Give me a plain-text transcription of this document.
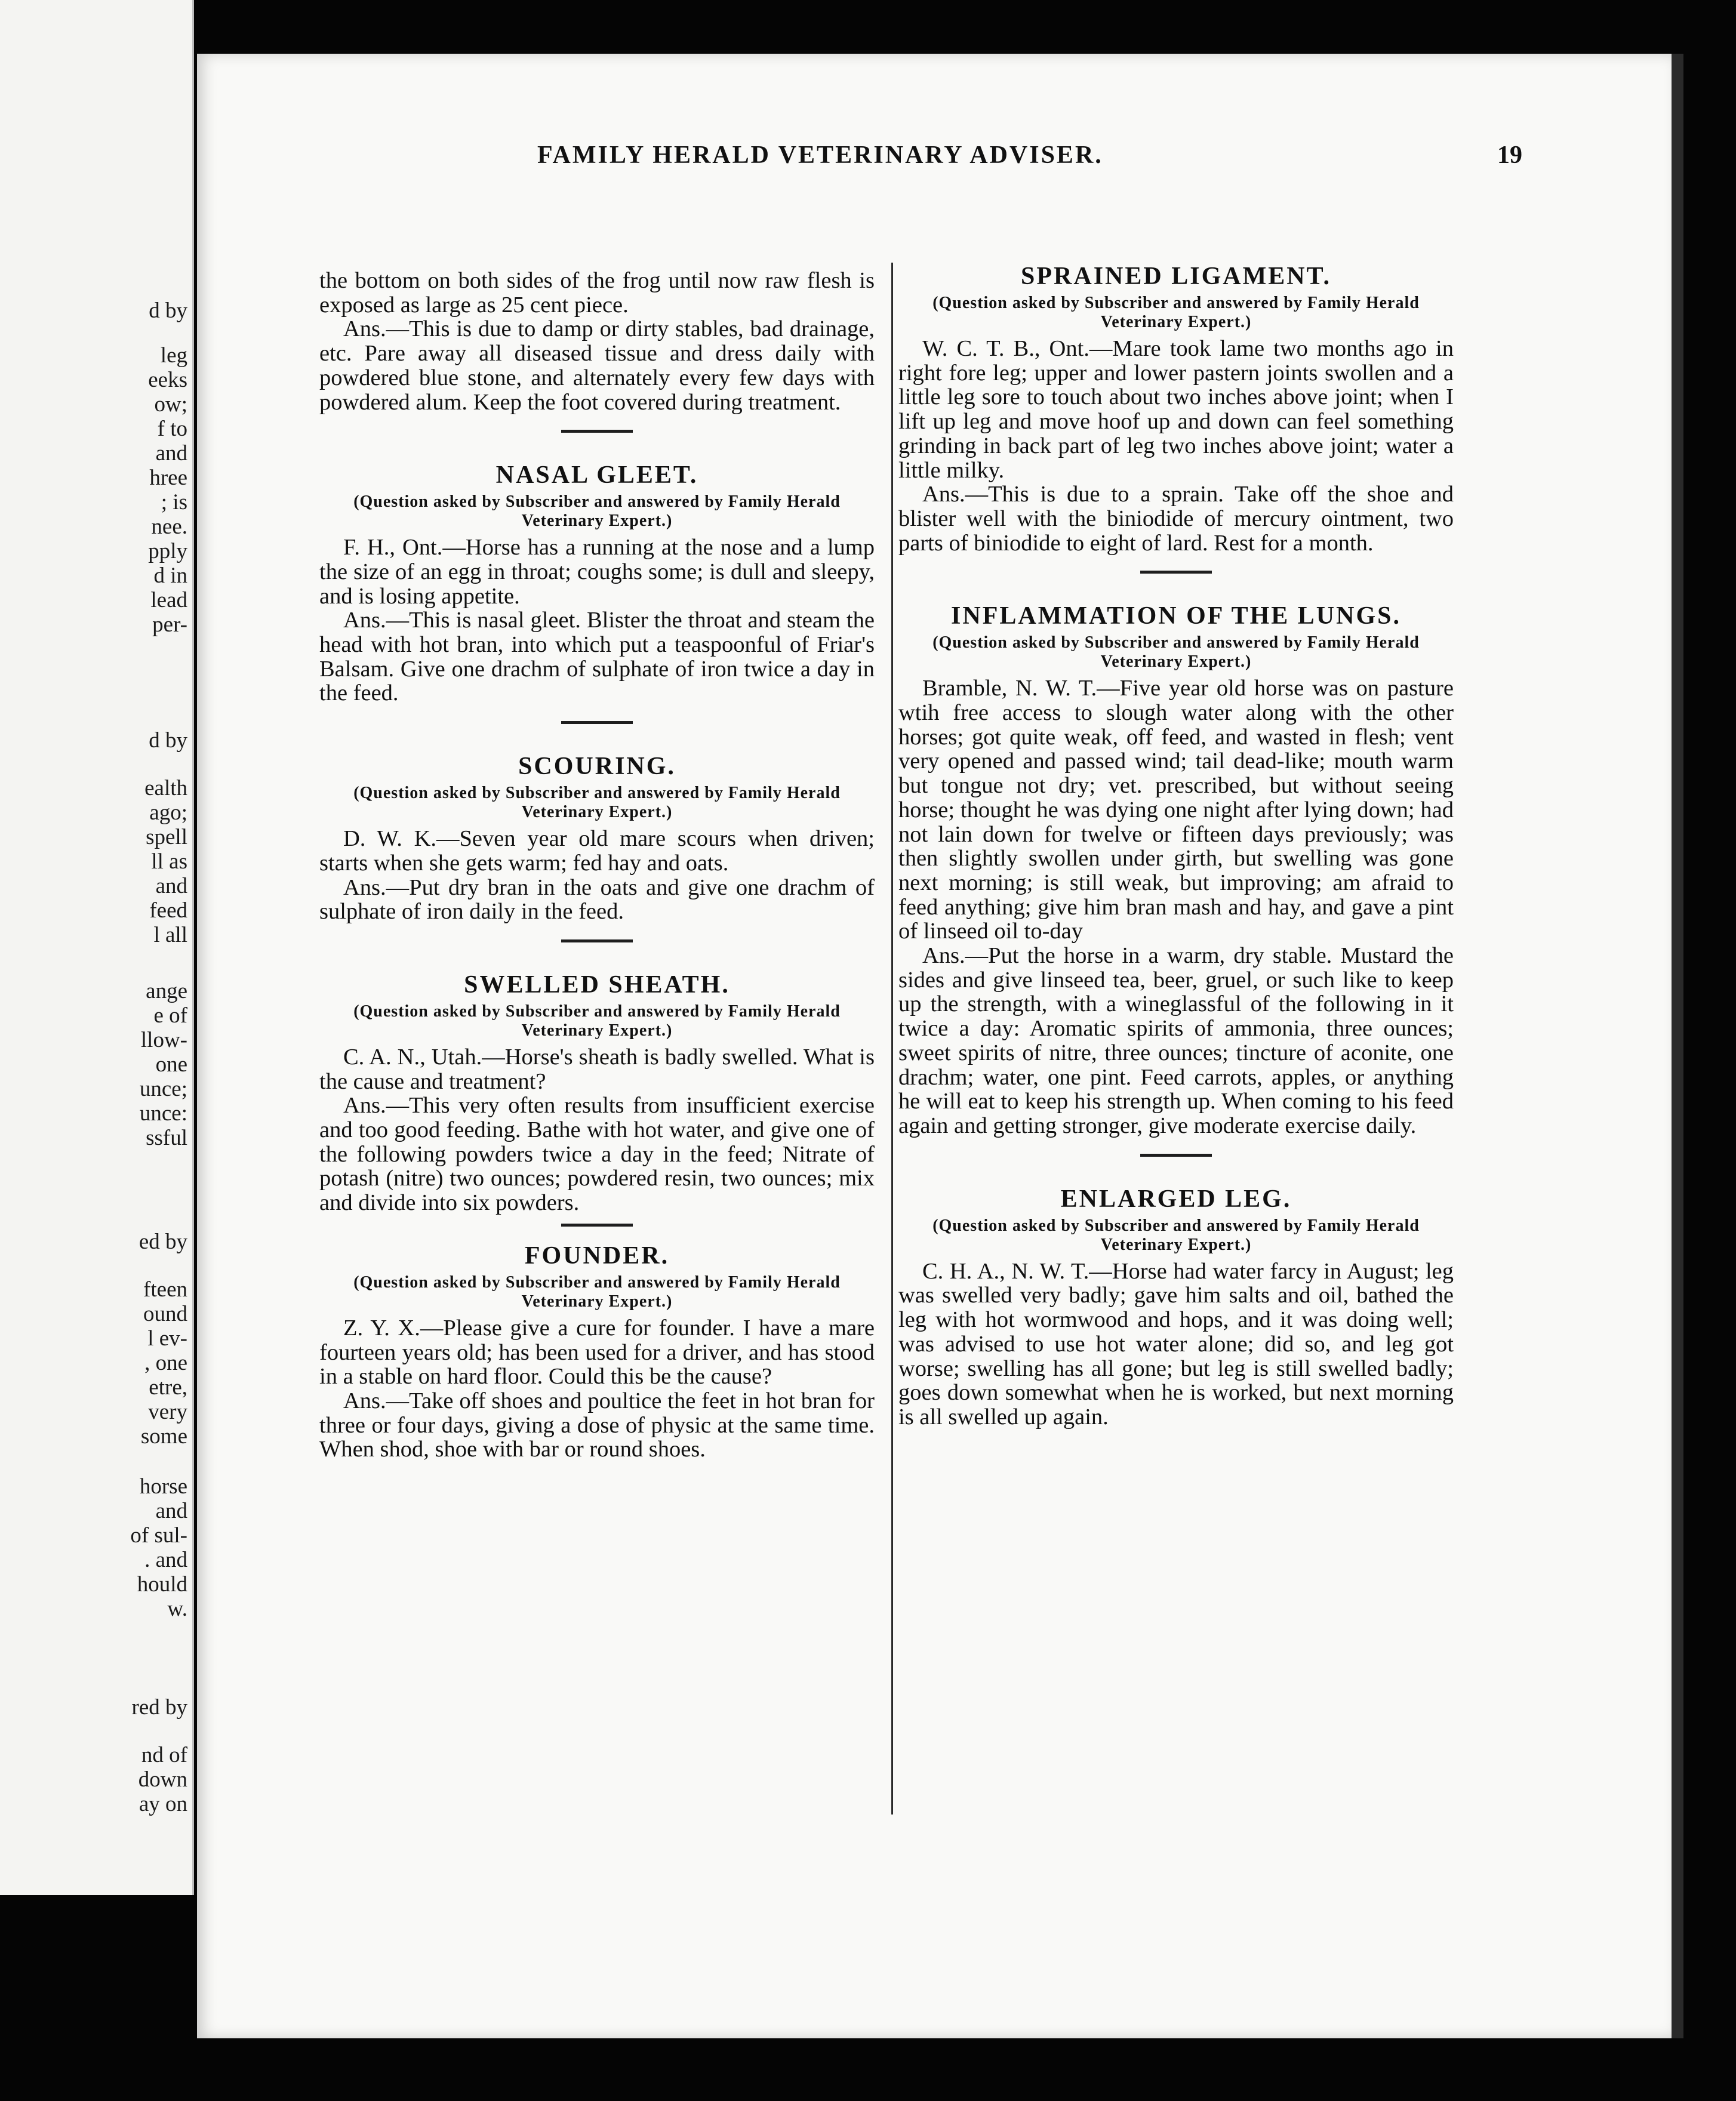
d by
leg
eeks
ow;
f to
and
hree
; is
nee.
pply
d in
lead
per-
d by
ealth
ago;
spell
ll as
and
feed
l all
ange
e of
llow-
one
unce;
unce:
ssful
ed by
fteen
ound
l ev-
, one
etre,
very
some
horse
and
of sul-
. and
hould
w.
red by
nd of
down
ay on
FAMILY HERALD VETERINARY ADVISER.	19

the bottom on both sides of the frog until now raw flesh is exposed as large as 25 cent piece.

Ans.—This is due to damp or dirty stables, bad drainage, etc. Pare away all diseased tissue and dress daily with powdered blue stone, and alternately every few days with powdered alum. Keep the foot covered during treatment.

NASAL GLEET.
(Question asked by Subscriber and answered by Family Herald Veterinary Expert.)

F. H., Ont.—Horse has a running at the nose and a lump the size of an egg in throat; coughs some; is dull and sleepy, and is losing appetite.

Ans.—This is nasal gleet. Blister the throat and steam the head with hot bran, into which put a teaspoonful of Friar's Balsam. Give one drachm of sulphate of iron twice a day in the feed.

SCOURING.
(Question asked by Subscriber and answered by Family Herald Veterinary Expert.)

D. W. K.—Seven year old mare scours when driven; starts when she gets warm; fed hay and oats.

Ans.—Put dry bran in the oats and give one drachm of sulphate of iron daily in the feed.

SWELLED SHEATH.
(Question asked by Subscriber and answered by Family Herald Veterinary Expert.)

C. A. N., Utah.—Horse's sheath is badly swelled. What is the cause and treatment?

Ans.—This very often results from insufficient exercise and too good feeding. Bathe with hot water, and give one of the following powders twice a day in the feed; Nitrate of potash (nitre) two ounces; powdered resin, two ounces; mix and divide into six powders.

FOUNDER.
(Question asked by Subscriber and answered by Family Herald Veterinary Expert.)

Z. Y. X.—Please give a cure for founder. I have a mare fourteen years old; has been used for a driver, and has stood in a stable on hard floor. Could this be the cause?

Ans.—Take off shoes and poultice the feet in hot bran for three or four days, giving a dose of physic at the same time. When shod, shoe with bar or round shoes.

SPRAINED LIGAMENT.
(Question asked by Subscriber and answered by Family Herald Veterinary Expert.)

W. C. T. B., Ont.—Mare took lame two months ago in right fore leg; upper and lower pastern joints swollen and a little leg sore to touch about two inches above joint; when I lift up leg and move hoof up and down can feel something grinding in back part of leg two inches above joint; water a little milky.

Ans.—This is due to a sprain. Take off the shoe and blister well with the biniodide of mercury ointment, two parts of biniodide to eight of lard. Rest for a month.

INFLAMMATION OF THE LUNGS.
(Question asked by Subscriber and answered by Family Herald Veterinary Expert.)

Bramble, N. W. T.—Five year old horse was on pasture wtih free access to slough water along with the other horses; got quite weak, off feed, and wasted in flesh; vent very opened and passed wind; tail dead-like; mouth warm but tongue not dry; vet. prescribed, but without seeing horse; thought he was dying one night after lying down; had not lain down for twelve or fifteen days previously; was then slightly swollen under girth, but swelling was gone next morning; is still weak, but improving; am afraid to feed anything; give him bran mash and hay, and gave a pint of linseed oil to-day

Ans.—Put the horse in a warm, dry stable. Mustard the sides and give linseed tea, beer, gruel, or such like to keep up the strength, with a wineglassful of the following in it twice a day: Aromatic spirits of ammonia, three ounces; sweet spirits of nitre, three ounces; tincture of aconite, one drachm; water, one pint. Feed carrots, apples, or anything he will eat to keep his strength up. When coming to his feed again and getting stronger, give moderate exercise daily.

ENLARGED LEG.
(Question asked by Subscriber and answered by Family Herald Veterinary Expert.)

C. H. A., N. W. T.—Horse had water farcy in August; leg was swelled very badly; gave him salts and oil, bathed the leg with hot wormwood and hops, and it was doing well; was advised to use hot water alone; did so, and leg got worse; swelling has all gone; but leg is still swelled badly; goes down somewhat when he is worked, but next morning is all swelled up again.
